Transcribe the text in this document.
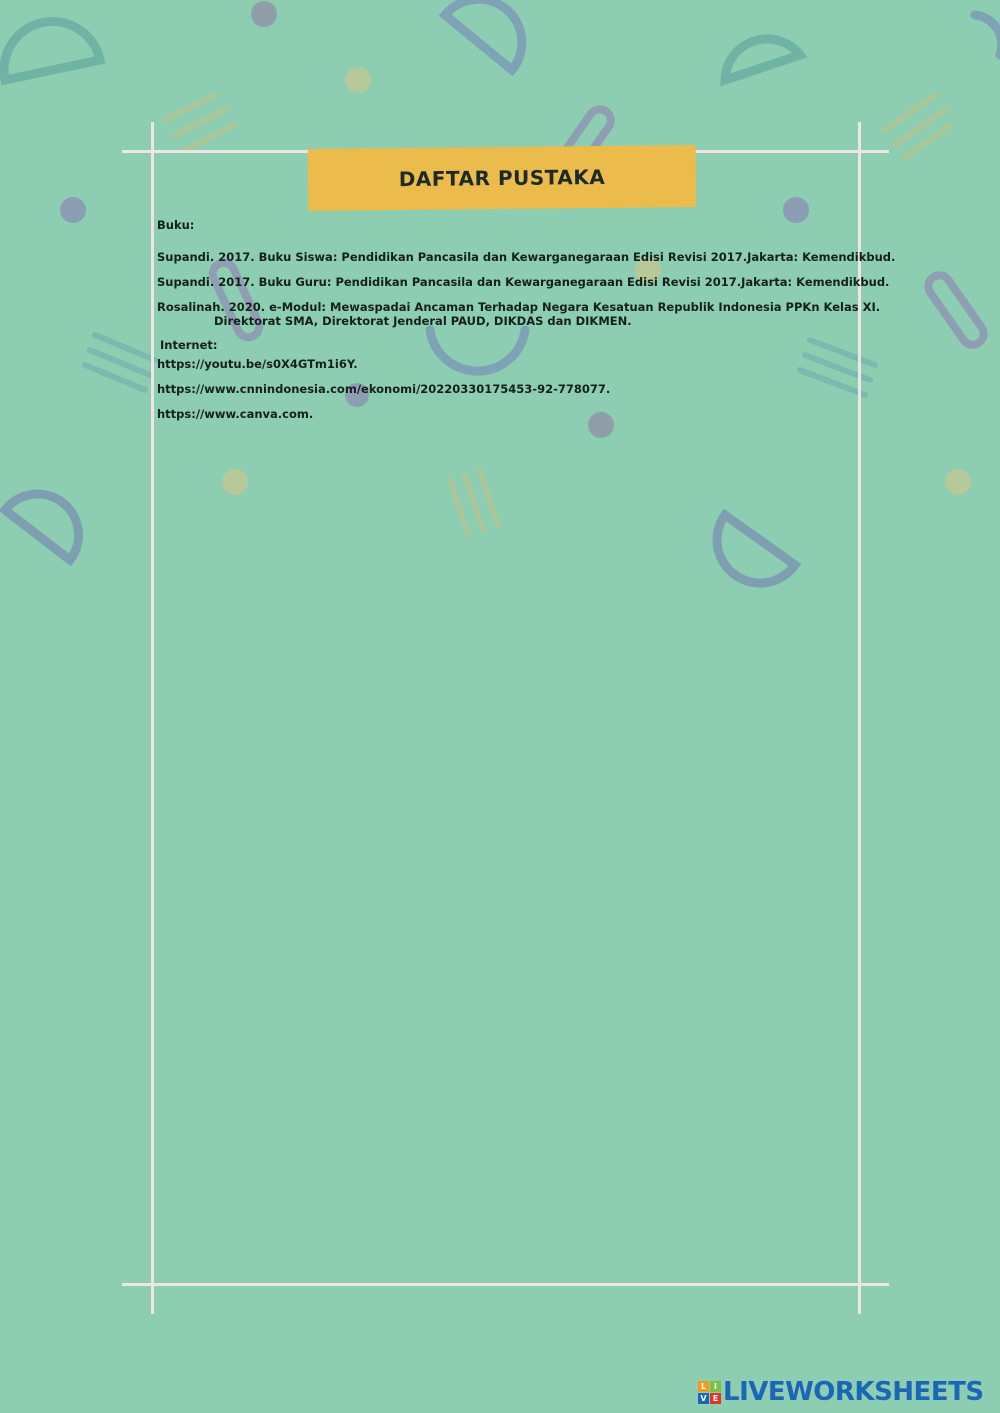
DAFTAR PUSTAKA
Buku:
Supandi. 2017. Buku Siswa: Pendidikan Pancasila dan Kewarganegaraan Edisi Revisi 2017.Jakarta: Kemendikbud.
Supandi. 2017. Buku Guru: Pendidikan Pancasila dan Kewarganegaraan Edisi Revisi 2017.Jakarta: Kemendikbud.
Rosalinah. 2020. e-Modul: Mewaspadai Ancaman Terhadap Negara Kesatuan Republik Indonesia PPKn Kelas XI.
Direktorat SMA, Direktorat Jenderal PAUD, DIKDAS dan DIKMEN.
Internet:
https://youtu.be/s0X4GTm1i6Y.
https://www.cnnindonesia.com/ekonomi/20220330175453-92-778077.
https://www.canva.com.
L I
V E LIVEWORKSHEETS
